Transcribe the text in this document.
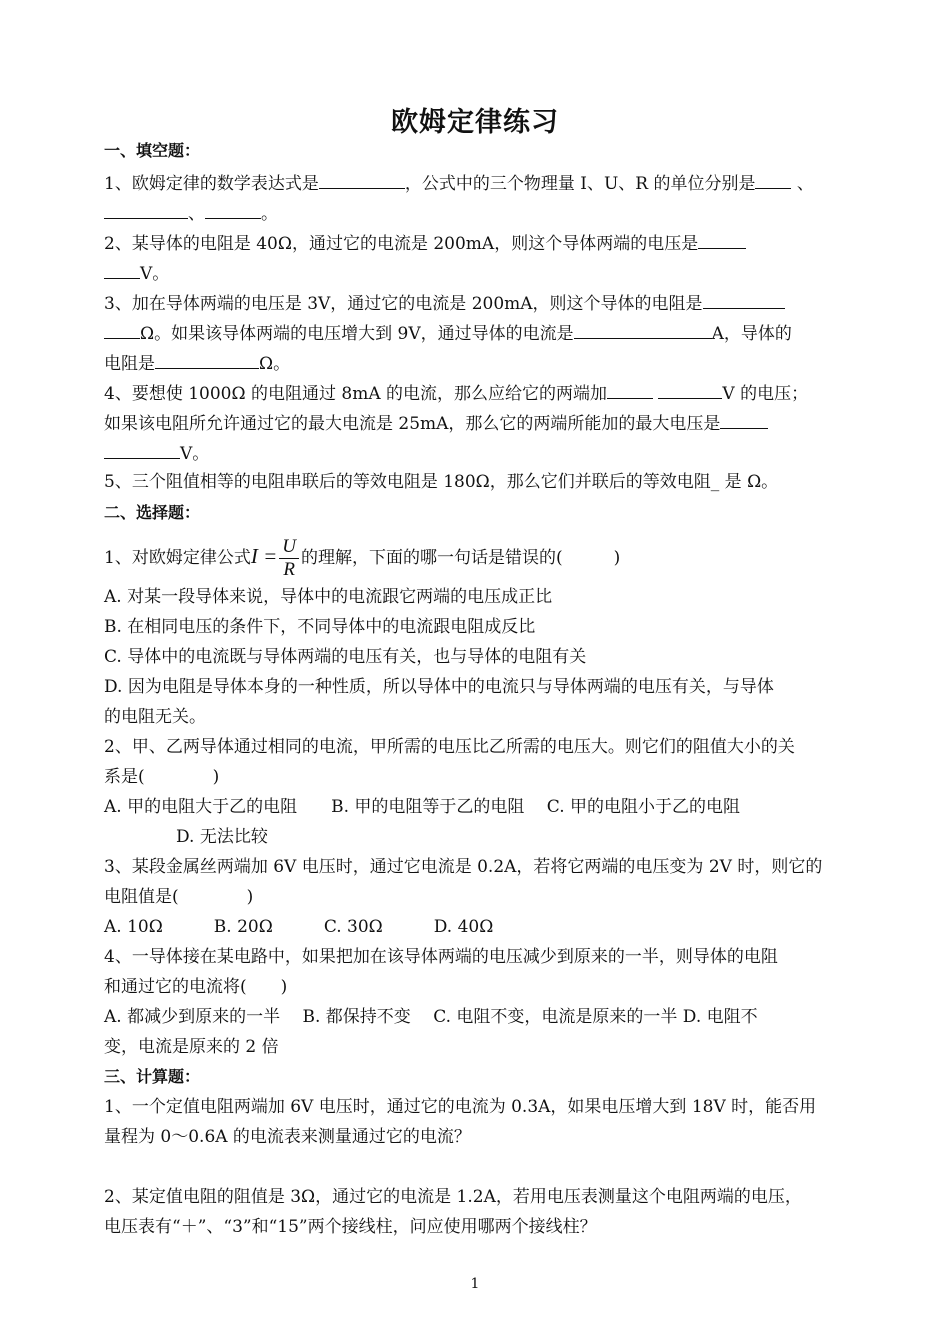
欧姆定律练习
一、填空题：
1、欧姆定律的数学表达式是	，公式中的三个物理量 I、U、R 的单位分别是 、
、	。
2、某导体的电阻是 40Ω，通过它的电流是 200mA，则这个导体两端的电压是
V。
3、加在导体两端的电压是 3V，通过它的电流是 200mA，则这个导体的电阻是
Ω。如果该导体两端的电压增大到 9V，通过导体的电流是	A，导体的
电阻是	Ω。
4、要想使 1000Ω 的电阻通过 8mA 的电流，那么应给它的两端加	V 的电压；
如果该电阻所允许通过它的最大电流是 25mA，那么它的两端所能加的最大电压是
V。
5、三个阻值相等的电阻串联后的等效电阻是 180Ω，那么它们并联后的等效电阻_ 是 Ω。
二、选择题：
1、对欧姆定律公式$I = \frac{U}{R}$ 的理解，下面的哪一句话是错误的(　　　)
A. 对某一段导体来说，导体中的电流跟它两端的电压成正比
B. 在相同电压的条件下，不同导体中的电流跟电阻成反比
C. 导体中的电流既与导体两端的电压有关，也与导体的电阻有关
D. 因为电阻是导体本身的一种性质，所以导体中的电流只与导体两端的电压有关，与导体
的电阻无关。
2、甲、乙两导体通过相同的电流，甲所需的电压比乙所需的电压大。则它们的阻值大小的关
系是(　　　　)
A. 甲的电阻大于乙的电阻　　B. 甲的电阻等于乙的电阻　 C. 甲的电阻小于乙的电阻
D. 无法比较
3、某段金属丝两端加 6V 电压时，通过它电流是 0.2A，若将它两端的电压变为 2V 时，则它的
电阻值是(　　　　)
A. 10Ω　　　B. 20Ω　　　C. 30Ω　　　D. 40Ω
4、一导体接在某电路中，如果把加在该导体两端的电压减少到原来的一半，则导体的电阻
和通过它的电流将(　　)
A. 都减少到原来的一半　 B. 都保持不变　 C. 电阻不变，电流是原来的一半 D. 电阻不
变，电流是原来的 2 倍
三、计算题：
1、一个定值电阻两端加 6V 电压时，通过它的电流为 0.3A，如果电压增大到 18V 时，能否用
量程为 0～0.6A 的电流表来测量通过它的电流？
2、某定值电阻的阻值是 3Ω，通过它的电流是 1.2A，若用电压表测量这个电阻两端的电压，
电压表有“＋”、“3”和“15”两个接线柱，问应使用哪两个接线柱？
1
